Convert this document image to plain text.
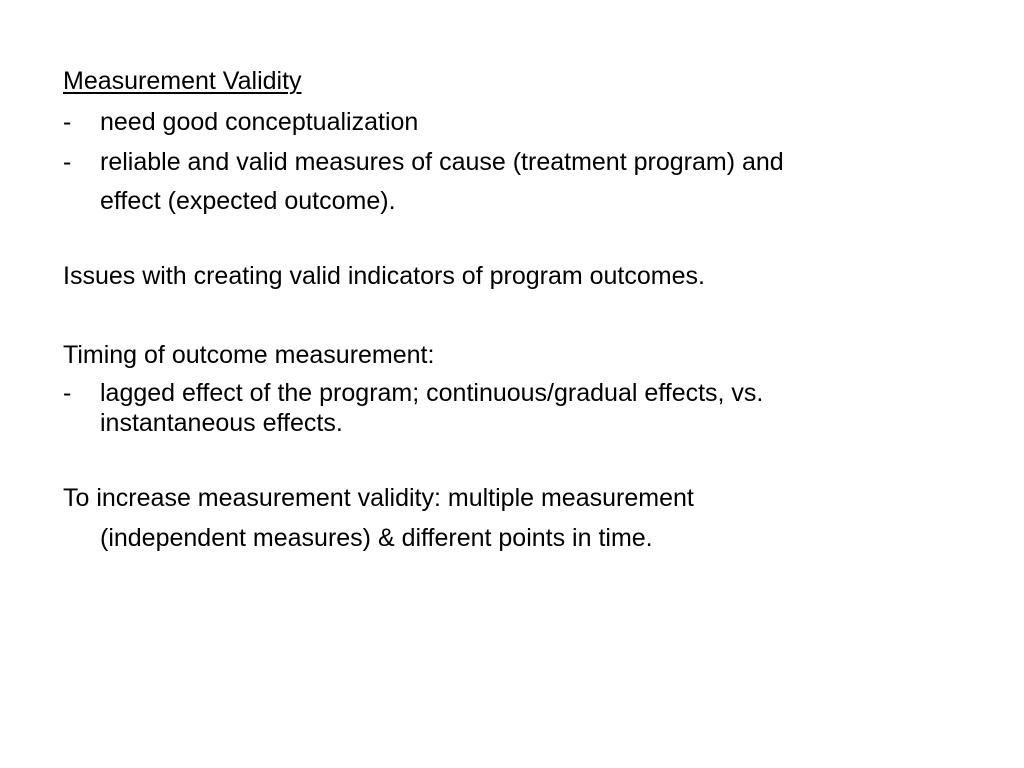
Measurement Validity
- need good conceptualization
- reliable and valid measures of cause (treatment program) and
effect (expected outcome).
Issues with creating valid indicators of program outcomes.
Timing of outcome measurement:
- lagged effect of the program; continuous/gradual effects, vs.
instantaneous effects.
To increase measurement validity: multiple measurement
(independent measures) & different points in time.
